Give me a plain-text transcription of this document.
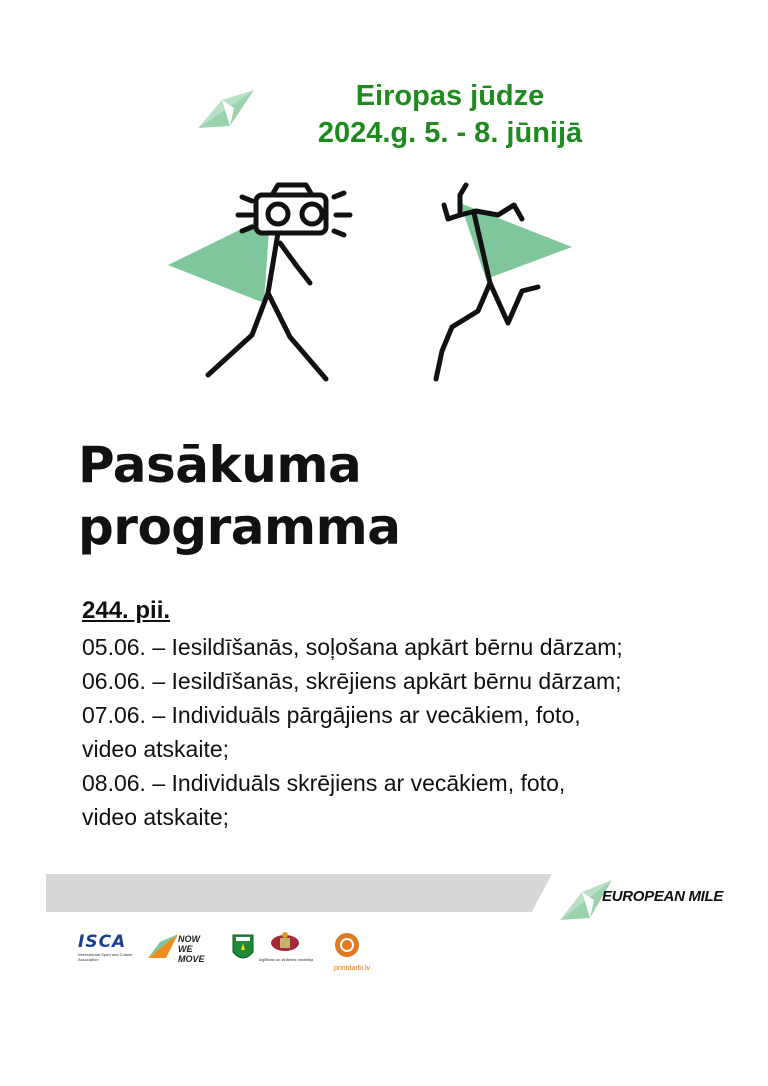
Eiropas jūdze
2024.g. 5. - 8. jūnijā
Pasākuma
programma
244. pii.
05.06. – Iesildīšanās, soļošana apkārt bērnu dārzam;
06.06. – Iesildīšanās, skrējiens apkārt bērnu dārzam;
07.06. – Individuāls pārgājiens ar vecākiem, foto,
video atskaite;
08.06. – Individuāls skrējiens ar vecākiem, foto,
video atskaite;
EUROPEAN MILE
ISCA
International Sport and Culture Association
NOW
WE MOVE	Izglītības un zinātnes ministrija
printdarbi.lv
